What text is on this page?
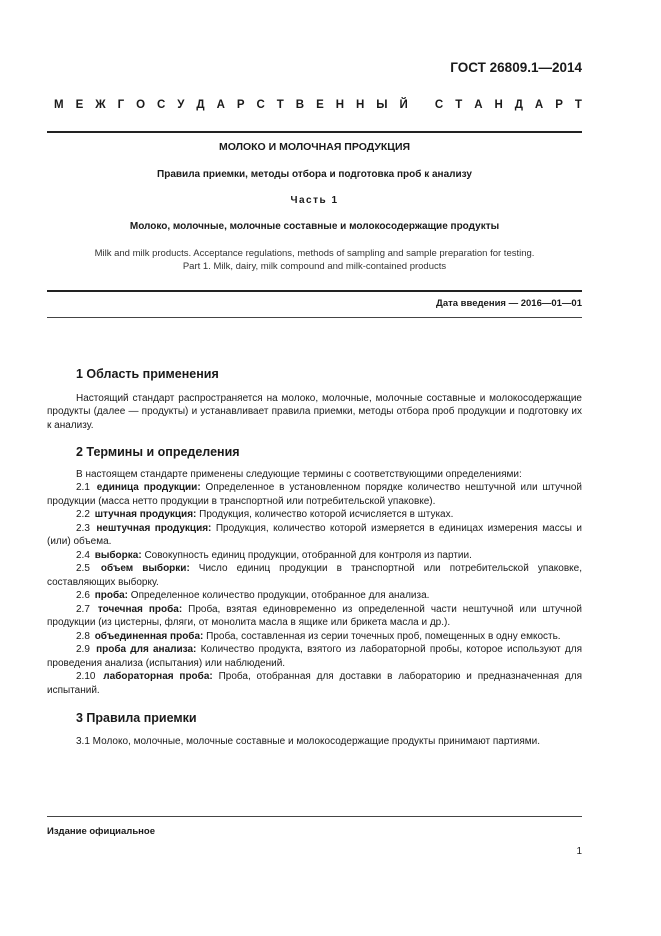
ГОСТ 26809.1—2014
М Е Ж Г О С У Д А Р С Т В Е Н Н Ы Й
С Т А Н Д А Р Т
МОЛОКО И МОЛОЧНАЯ ПРОДУКЦИЯ
Правила приемки, методы отбора и подготовка проб к анализу
Часть 1
Молоко, молочные, молочные составные и молокосодержащие продукты
Milk and milk products. Acceptance regulations, methods of sampling and sample preparation for testing.
Part 1. Milk, dairy, milk compound and milk-contained products
Дата введения — 2016—01—01
1 Область применения

Настоящий стандарт распространяется на молоко, молочные, молочные составные и молокосодержащие продукты (далее — продукты) и устанавливает правила приемки, методы отбора проб продукции и подготовку их к анализу.

2 Термины и определения

В настоящем стандарте применены следующие термины с соответствующими определениями:

2.1 единица продукции: Определенное в установленном порядке количество нештучной или штучной продукции (масса нетто продукции в транспортной или потребительской упаковке).

2.2 штучная продукция: Продукция, количество которой исчисляется в штуках.

2.3 нештучная продукция: Продукция, количество которой измеряется в единицах измерения массы и (или) объема.

2.4 выборка: Совокупность единиц продукции, отобранной для контроля из партии.

2.5 объем выборки: Число единиц продукции в транспортной или потребительской упаковке, составляющих выборку.

2.6 проба: Определенное количество продукции, отобранное для анализа.

2.7 точечная проба: Проба, взятая единовременно из определенной части нештучной или штучной продукции (из цистерны, фляги, от монолита масла в ящике или брикета масла и др.).

2.8 объединенная проба: Проба, составленная из серии точечных проб, помещенных в одну емкость.

2.9 проба для анализа: Количество продукта, взятого из лабораторной пробы, которое используют для проведения анализа (испытания) или наблюдений.

2.10 лабораторная проба: Проба, отобранная для доставки в лабораторию и предназначенная для испытаний.

3 Правила приемки

3.1 Молоко, молочные, молочные составные и молокосодержащие продукты принимают партиями.

Издание официальное
1
